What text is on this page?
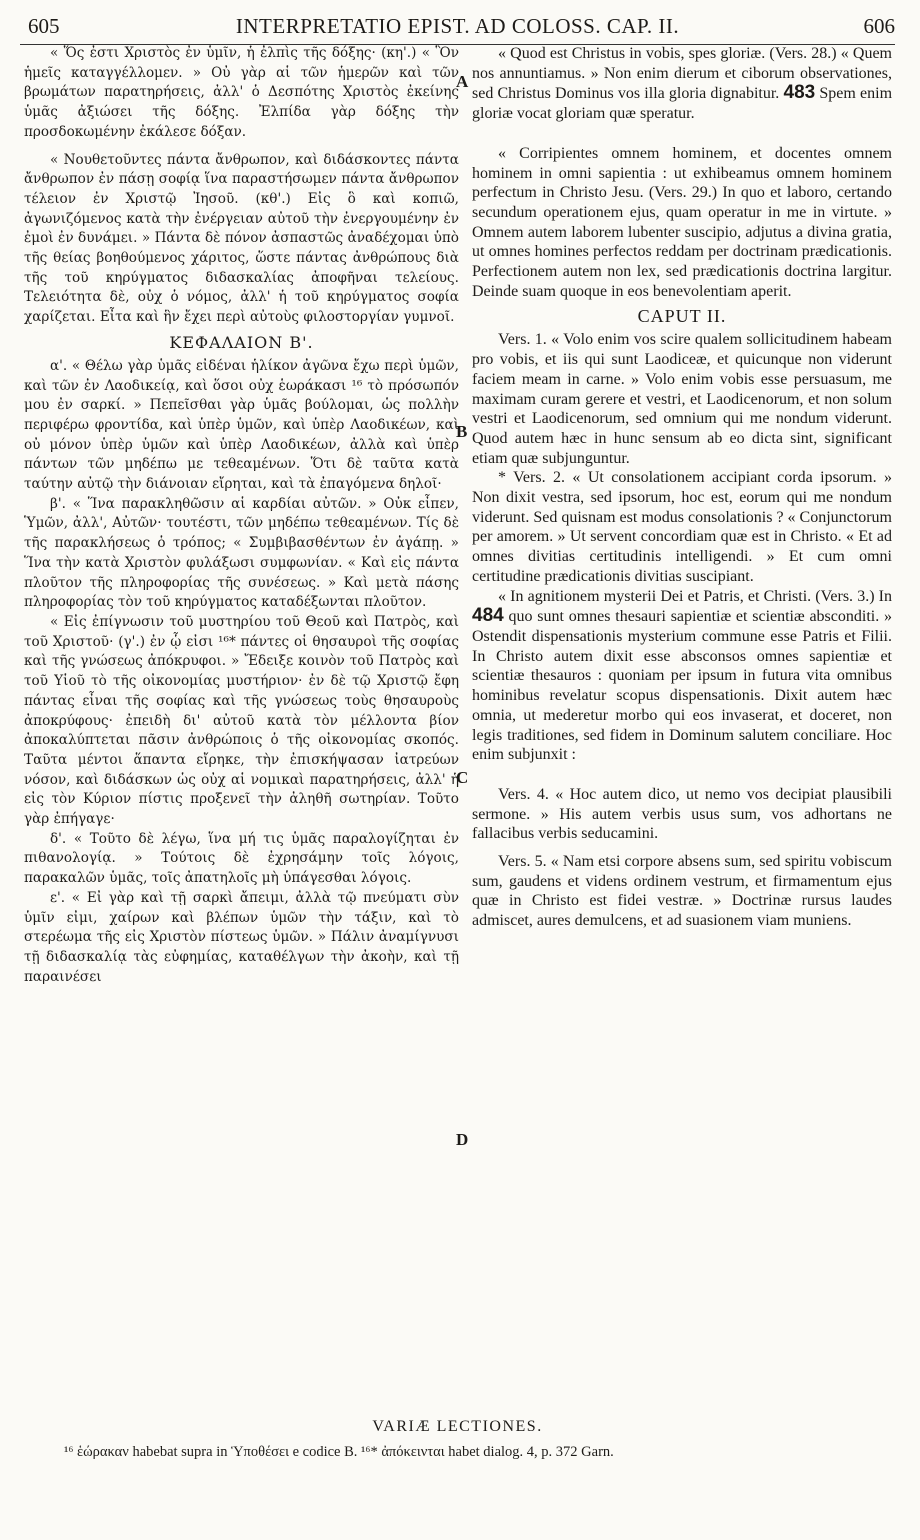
605	INTERPRETATIO EPIST. AD COLOSS. CAP. II.	606

« Ὅς ἐστι Χριστὸς ἐν ὑμῖν, ἡ ἐλπὶς τῆς δόξης· (κη'.) « Ὃν ἡμεῖς καταγγέλλομεν. » Οὐ γὰρ αἱ τῶν ἡμερῶν καὶ τῶν βρωμάτων παρατηρήσεις, ἀλλ' ὁ Δεσπότης Χριστὸς ἐκείνης ὑμᾶς ἀξιώσει τῆς δόξης. Ἐλπίδα γὰρ δόξης τὴν προσδοκωμένην ἐκάλεσε δόξαν.

« Νουθετοῦντες πάντα ἄνθρωπον, καὶ διδάσκοντες πάντα ἄνθρωπον ἐν πάσῃ σοφίᾳ ἵνα παραστήσωμεν πάντα ἄνθρωπον τέλειον ἐν Χριστῷ Ἰησοῦ. (κθ'.) Εἰς ὃ καὶ κοπιῶ, ἀγωνιζόμενος κατὰ τὴν ἐνέργειαν αὐτοῦ τὴν ἐνεργουμένην ἐν ἐμοὶ ἐν δυνάμει. » Πάντα δὲ πόνον ἀσπαστῶς ἀναδέχομαι ὑπὸ τῆς θείας βοηθούμενος χάριτος, ὥστε πάντας ἀνθρώπους διὰ τῆς τοῦ κηρύγματος διδασκαλίας ἀποφῆναι τελείους. Τελειότητα δὲ, οὐχ ὁ νόμος, ἀλλ' ἡ τοῦ κηρύγματος σοφία χαρίζεται. Εἶτα καὶ ἣν ἔχει περὶ αὐτοὺς φιλοστοργίαν γυμνοῖ.

ΚΕΦΑΛΑΙΟΝ Β'.

α'. « Θέλω γὰρ ὑμᾶς εἰδέναι ἡλίκον ἀγῶνα ἔχω περὶ ὑμῶν, καὶ τῶν ἐν Λαοδικείᾳ, καὶ ὅσοι οὐχ ἑωράκασι ¹⁶ τὸ πρόσωπόν μου ἐν σαρκί. » Πεπεῖσθαι γὰρ ὑμᾶς βούλομαι, ὡς πολλὴν περιφέρω φροντίδα, καὶ ὑπὲρ ὑμῶν, καὶ ὑπὲρ Λαοδικέων, καὶ οὐ μόνον ὑπὲρ ὑμῶν καὶ ὑπὲρ Λαοδικέων, ἀλλὰ καὶ ὑπὲρ πάντων τῶν μηδέπω με τεθεαμένων. Ὅτι δὲ ταῦτα κατὰ ταύτην αὐτῷ τὴν διάνοιαν εἴρηται, καὶ τὰ ἐπαγόμενα δηλοῖ·

β'. « Ἵνα παρακληθῶσιν αἱ καρδίαι αὐτῶν. » Οὐκ εἶπεν, Ὑμῶν, ἀλλ', Αὐτῶν· τουτέστι, τῶν μηδέπω τεθεαμένων. Τίς δὲ τῆς παρακλήσεως ὁ τρόπος; « Συμβιβασθέντων ἐν ἀγάπῃ. » Ἵνα τὴν κατὰ Χριστὸν φυλάξωσι συμφωνίαν. « Καὶ εἰς πάντα πλοῦτον τῆς πληροφορίας τῆς συνέσεως. » Καὶ μετὰ πάσης πληροφορίας τὸν τοῦ κηρύγματος καταδέξωνται πλοῦτον.

« Εἰς ἐπίγνωσιν τοῦ μυστηρίου τοῦ Θεοῦ καὶ Πατρὸς, καὶ τοῦ Χριστοῦ· (γ'.) ἐν ᾧ εἰσι ¹⁶* πάντες οἱ θησαυροὶ τῆς σοφίας καὶ τῆς γνώσεως ἀπόκρυφοι. » Ἔδειξε κοινὸν τοῦ Πατρὸς καὶ τοῦ Υἱοῦ τὸ τῆς οἰκονομίας μυστήριον· ἐν δὲ τῷ Χριστῷ ἔφη πάντας εἶναι τῆς σοφίας καὶ τῆς γνώσεως τοὺς θησαυροὺς ἀποκρύφους· ἐπειδὴ δι' αὐτοῦ κατὰ τὸν μέλλοντα βίον ἀποκαλύπτεται πᾶσιν ἀνθρώποις ὁ τῆς οἰκονομίας σκοπός. Ταῦτα μέντοι ἅπαντα εἴρηκε, τὴν ἐπισκήψασαν ἰατρεύων νόσον, καὶ διδάσκων ὡς οὐχ αἱ νομικαὶ παρατηρήσεις, ἀλλ' ἡ εἰς τὸν Κύριον πίστις προξενεῖ τὴν ἀληθῆ σωτηρίαν. Τοῦτο γὰρ ἐπήγαγε·

δ'. « Τοῦτο δὲ λέγω, ἵνα μή τις ὑμᾶς παραλογίζηται ἐν πιθανολογίᾳ. » Τούτοις δὲ ἐχρησάμην τοῖς λόγοις, παρακαλῶν ὑμᾶς, τοῖς ἀπατηλοῖς μὴ ὑπάγεσθαι λόγοις.

ε'. « Εἰ γὰρ καὶ τῇ σαρκὶ ἄπειμι, ἀλλὰ τῷ πνεύματι σὺν ὑμῖν εἰμι, χαίρων καὶ βλέπων ὑμῶν τὴν τάξιν, καὶ τὸ στερέωμα τῆς εἰς Χριστὸν πίστεως ὑμῶν. » Πάλιν ἀναμίγνυσι τῇ διδασκαλίᾳ τὰς εὐφημίας, καταθέλγων τὴν ἀκοὴν, καὶ τῇ παραινέσει

« Quod est Christus in vobis, spes gloriæ. (Vers. 28.) « Quem nos annuntiamus. » Non enim dierum et ciborum observationes, sed Christus Dominus vos illa gloria dignabitur. 483 Spem enim gloriæ vocat gloriam quæ speratur.

« Corripientes omnem hominem, et docentes omnem hominem in omni sapientia : ut exhibeamus omnem hominem perfectum in Christo Jesu. (Vers. 29.) In quo et laboro, certando secundum operationem ejus, quam operatur in me in virtute. » Omnem autem laborem lubenter suscipio, adjutus a divina gratia, ut omnes homines perfectos reddam per doctrinam prædicationis. Perfectionem autem non lex, sed prædicationis doctrina largitur. Deinde suam quoque in eos benevolentiam aperit.

CAPUT II.

Vers. 1. « Volo enim vos scire qualem sollicitudinem habeam pro vobis, et iis qui sunt Laodiceæ, et quicunque non viderunt faciem meam in carne. » Volo enim vobis esse persuasum, me maximam curam gerere et vestri, et Laodicenorum, et non solum vestri et Laodicenorum, sed omnium qui me nondum viderunt. Quod autem hæc in hunc sensum ab eo dicta sint, significant etiam quæ subjunguntur.

* Vers. 2. « Ut consolationem accipiant corda ipsorum. » Non dixit vestra, sed ipsorum, hoc est, eorum qui me nondum viderunt. Sed quisnam est modus consolationis ? « Conjunctorum per amorem. » Ut servent concordiam quæ est in Christo. « Et ad omnes divitias certitudinis intelligendi. » Et cum omni certitudine prædicationis divitias suscipiant.

« In agnitionem mysterii Dei et Patris, et Christi. (Vers. 3.) In 484 quo sunt omnes thesauri sapientiæ et scientiæ absconditi. » Ostendit dispensationis mysterium commune esse Patris et Filii. In Christo autem dixit esse absconsos omnes sapientiæ et scientiæ thesauros : quoniam per ipsum in futura vita omnibus hominibus revelatur scopus dispensationis. Dixit autem hæc omnia, ut mederetur morbo qui eos invaserat, et doceret, non legis traditiones, sed fidem in Dominum salutem conciliare. Hoc enim subjunxit :

Vers. 4. « Hoc autem dico, ut nemo vos decipiat plausibili sermone. » His autem verbis usus sum, vos adhortans ne fallacibus verbis seducamini.

Vers. 5. « Nam etsi corpore absens sum, sed spiritu vobiscum sum, gaudens et videns ordinem vestrum, et firmamentum ejus quæ in Christo est fidei vestræ. » Doctrinæ rursus laudes admiscet, aures demulcens, et ad suasionem viam muniens.

A
B
C
D
VARIÆ LECTIONES.
¹⁶ ἑώρακαν habebat supra in Ὑποθέσει e codice B. ¹⁶* ἀπόκεινται habet dialog. 4, p. 372 Garn.
